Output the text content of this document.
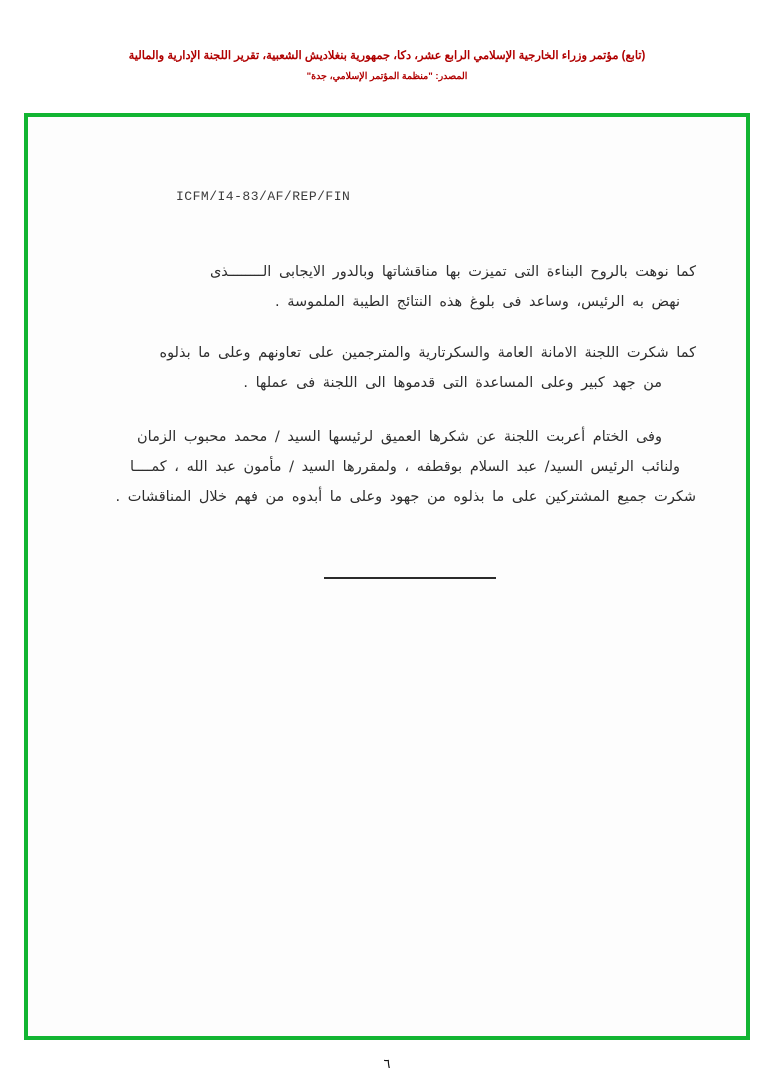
(تابع) مؤتمر وزراء الخارجية الإسلامي الرابع عشر، دكا، جمهورية بنغلاديش الشعبية، تقرير اللجنة الإدارية والمالية
المصدر: "منظمة المؤتمر الإسلامي، جدة"
ICFM/I4-83/AF/REP/FIN
كما نوهت بالروح البناءة التى تميزت بها مناقشاتها وبالدور الايجابى الــــــــذى
نهض به الرئيس، وساعد فى بلوغ هذه النتائج الطيبة الملموسة .
كما شكرت اللجنة الامانة العامة والسكرتارية والمترجمين على تعاونهم وعلى ما بذلوه
من جهد كبير وعلى المساعدة التى قدموها الى اللجنة فى عملها .
وفى الختام أعربت اللجنة عن شكرها العميق لرئيسها السيد / محمد محبوب الزمان
ولنائب الرئيس السيد/ عبد السلام بوقطفه ، ولمقررها السيد / مأمون عبد الله ، كمــــا
شكرت جميع المشتركين على ما بذلوه من جهود وعلى ما أبدوه من فهم خلال المناقشات .
٦
